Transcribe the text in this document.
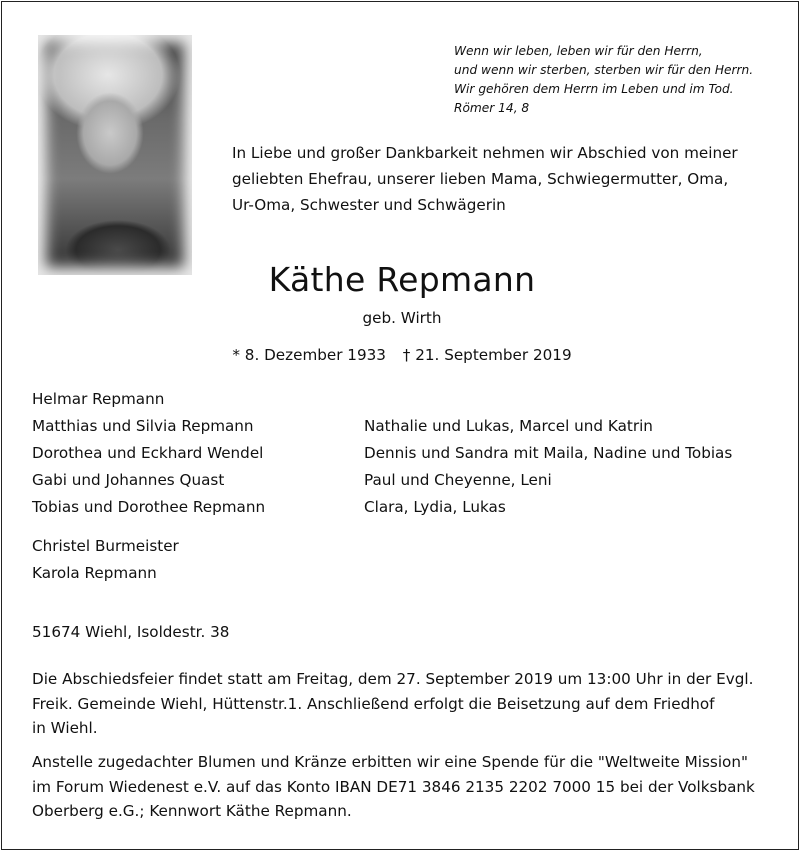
Wenn wir leben, leben wir für den Herrn,
und wenn wir sterben, sterben wir für den Herrn.
Wir gehören dem Herrn im Leben und im Tod.
Römer 14, 8
In Liebe und großer Dankbarkeit nehmen wir Abschied von meiner
geliebten Ehefrau, unserer lieben Mama, Schwiegermutter, Oma,
Ur-Oma, Schwester und Schwägerin
Käthe Repmann
geb. Wirth
* 8. Dezember 1933 † 21. September 2019
Helmar Repmann
Matthias und Silvia Repmann
Dorothea und Eckhard Wendel
Gabi und Johannes Quast
Tobias und Dorothee Repmann
Nathalie und Lukas, Marcel und Katrin
Dennis und Sandra mit Maila, Nadine und Tobias
Paul und Cheyenne, Leni
Clara, Lydia, Lukas
Christel Burmeister
Karola Repmann
51674 Wiehl, Isoldestr. 38
Die Abschiedsfeier findet statt am Freitag, dem 27. September 2019 um 13:00 Uhr in der Evgl.
Freik. Gemeinde Wiehl, Hüttenstr.1. Anschließend erfolgt die Beisetzung auf dem Friedhof
in Wiehl.
Anstelle zugedachter Blumen und Kränze erbitten wir eine Spende für die "Weltweite Mission"
im Forum Wiedenest e.V. auf das Konto IBAN DE71 3846 2135 2202 7000 15 bei der Volksbank
Oberberg e.G.; Kennwort Käthe Repmann.
